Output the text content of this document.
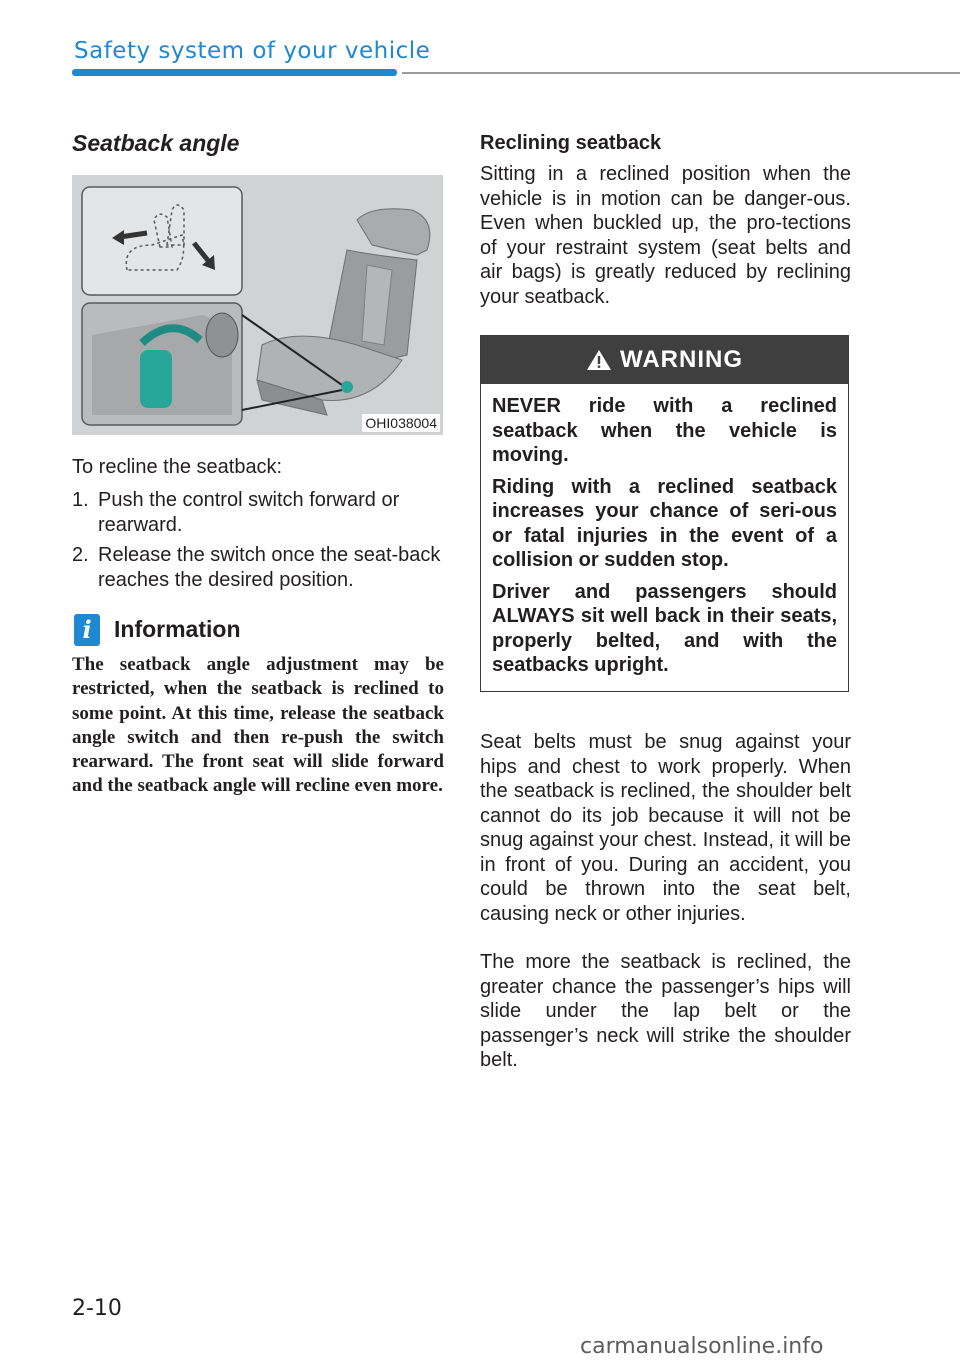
Safety system of your vehicle
Seatback angle
OHI038004
To recline the seatback:
1. Push the control switch forward or rearward.
2. Release the switch once the seat-back reaches the desired position.
i Information
The seatback angle adjustment may be restricted, when the seatback is reclined to some point. At this time, release the seatback angle switch and then re-push the switch rearward. The front seat will slide forward and the seatback angle will recline even more.
Reclining seatback
Sitting in a reclined position when the vehicle is in motion can be danger-ous. Even when buckled up, the pro-tections of your restraint system (seat belts and air bags) is greatly reduced by reclining your seatback.
WARNING

NEVER ride with a reclined seatback when the vehicle is moving.

Riding with a reclined seatback increases your chance of seri-ous or fatal injuries in the event of a collision or sudden stop.

Driver and passengers should ALWAYS sit well back in their seats, properly belted, and with the seatbacks upright.

Seat belts must be snug against your hips and chest to work properly. When the seatback is reclined, the shoulder belt cannot do its job because it will not be snug against your chest. Instead, it will be in front of you. During an accident, you could be thrown into the seat belt, causing neck or other injuries.
The more the seatback is reclined, the greater chance the passenger’s hips will slide under the lap belt or the passenger’s neck will strike the shoulder belt.
2-10
carmanualsonline.info
